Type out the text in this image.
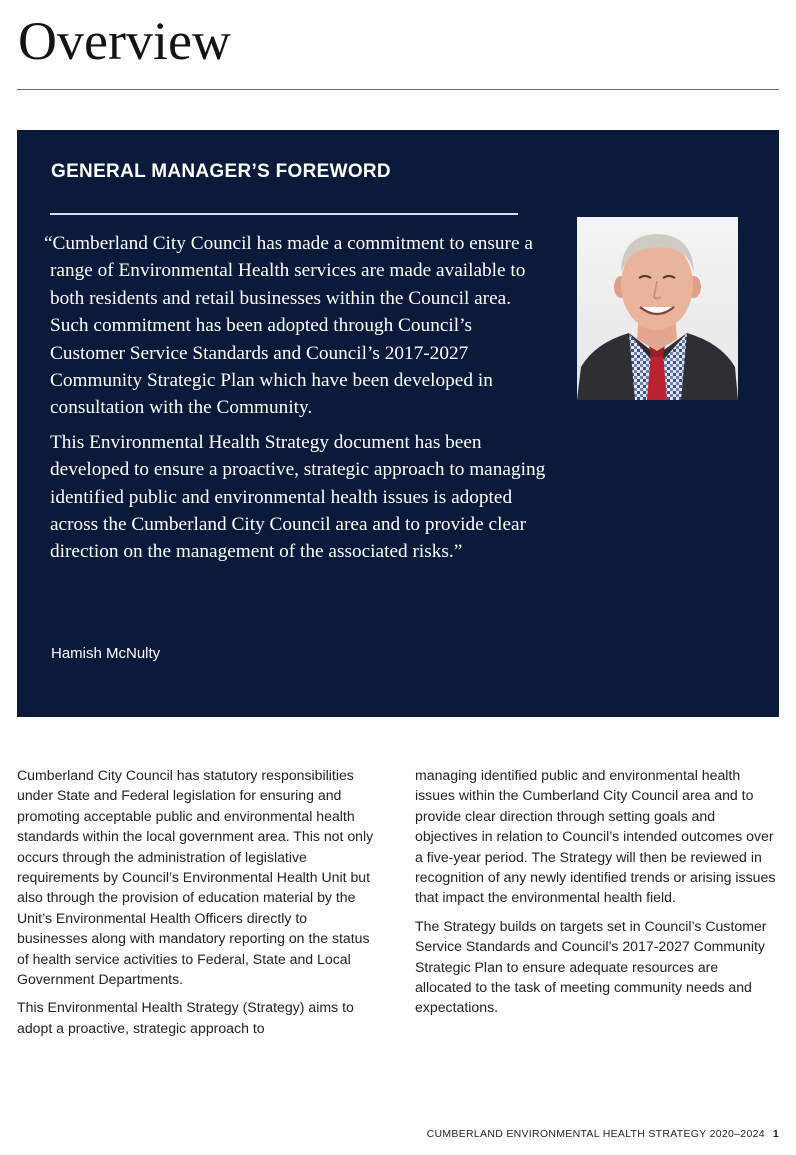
Overview
GENERAL MANAGER’S FOREWORD

“Cumberland City Council has made a commitment to ensure a range of Environmental Health services are made available to both residents and retail businesses within the Council area. Such commitment has been adopted through Council’s Customer Service Standards and Council’s 2017-2027 Community Strategic Plan which have been developed in consultation with the Community.

This Environmental Health Strategy document has been developed to ensure a proactive, strategic approach to managing identified public and environmental health issues is adopted across the Cumberland City Council area and to provide clear direction on the management of the associated risks.”

Hamish McNulty

Cumberland City Council has statutory responsibilities under State and Federal legislation for ensuring and promoting acceptable public and environmental health standards within the local government area. This not only occurs through the administration of legislative requirements by Council’s Environmental Health Unit but also through the provision of education material by the Unit’s Environmental Health Officers directly to businesses along with mandatory reporting on the status of health service activities to Federal, State and Local Government Departments.

This Environmental Health Strategy (Strategy) aims to adopt a proactive, strategic approach to

managing identified public and environmental health issues within the Cumberland City Council area and to provide clear direction through setting goals and objectives in relation to Council’s intended outcomes over a five-year period. The Strategy will then be reviewed in recognition of any newly identified trends or arising issues that impact the environmental health field.

The Strategy builds on targets set in Council’s Customer Service Standards and Council’s 2017-2027 Community Strategic Plan to ensure adequate resources are allocated to the task of meeting community needs and expectations.

CUMBERLAND ENVIRONMENTAL HEALTH STRATEGY 2020–2024 1
